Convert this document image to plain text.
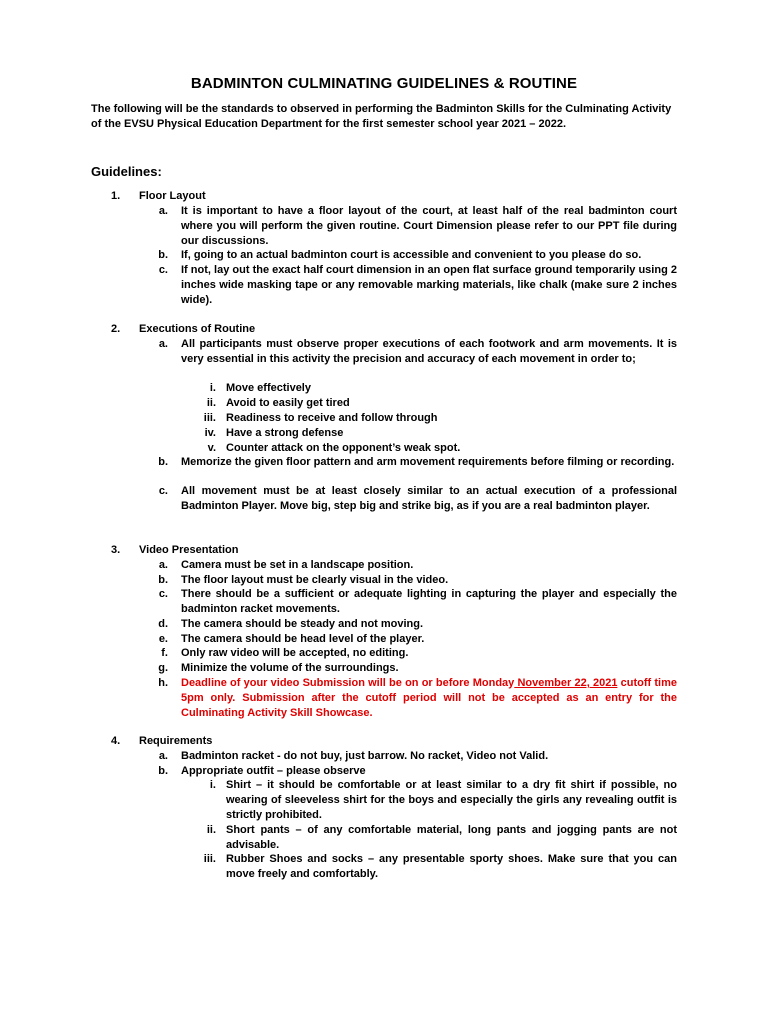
BADMINTON CULMINATING GUIDELINES & ROUTINE
The following will be the standards to observed in performing the Badminton Skills for the Culminating Activity of the EVSU Physical Education Department for the first semester school year 2021 – 2022.
Guidelines:
1. Floor Layout
a. It is important to have a floor layout of the court, at least half of the real badminton court where you will perform the given routine. Court Dimension please refer to our PPT file during our discussions.
b. If, going to an actual badminton court is accessible and convenient to you please do so.
c. If not, lay out the exact half court dimension in an open flat surface ground temporarily using 2 inches wide masking tape or any removable marking materials, like chalk (make sure 2 inches wide).
2. Executions of Routine
a. All participants must observe proper executions of each footwork and arm movements. It is very essential in this activity the precision and accuracy of each movement in order to;
i. Move effectively
ii. Avoid to easily get tired
iii. Readiness to receive and follow through
iv. Have a strong defense
v. Counter attack on the opponent’s weak spot.
b. Memorize the given floor pattern and arm movement requirements before filming or recording.
c. All movement must be at least closely similar to an actual execution of a professional Badminton Player. Move big, step big and strike big, as if you are a real badminton player.
3. Video Presentation
a. Camera must be set in a landscape position.
b. The floor layout must be clearly visual in the video.
c. There should be a sufficient or adequate lighting in capturing the player and especially the badminton racket movements.
d. The camera should be steady and not moving.
e. The camera should be head level of the player.
f. Only raw video will be accepted, no editing.
g. Minimize the volume of the surroundings.
h. Deadline of your video Submission will be on or before Monday November 22, 2021 cutoff time 5pm only. Submission after the cutoff period will not be accepted as an entry for the Culminating Activity Skill Showcase.
4. Requirements
a. Badminton racket - do not buy, just barrow. No racket, Video not Valid.
b. Appropriate outfit – please observe
i. Shirt – it should be comfortable or at least similar to a dry fit shirt if possible, no wearing of sleeveless shirt for the boys and especially the girls any revealing outfit is strictly prohibited.
ii. Short pants – of any comfortable material, long pants and jogging pants are not advisable.
iii. Rubber Shoes and socks – any presentable sporty shoes. Make sure that you can move freely and comfortably.
